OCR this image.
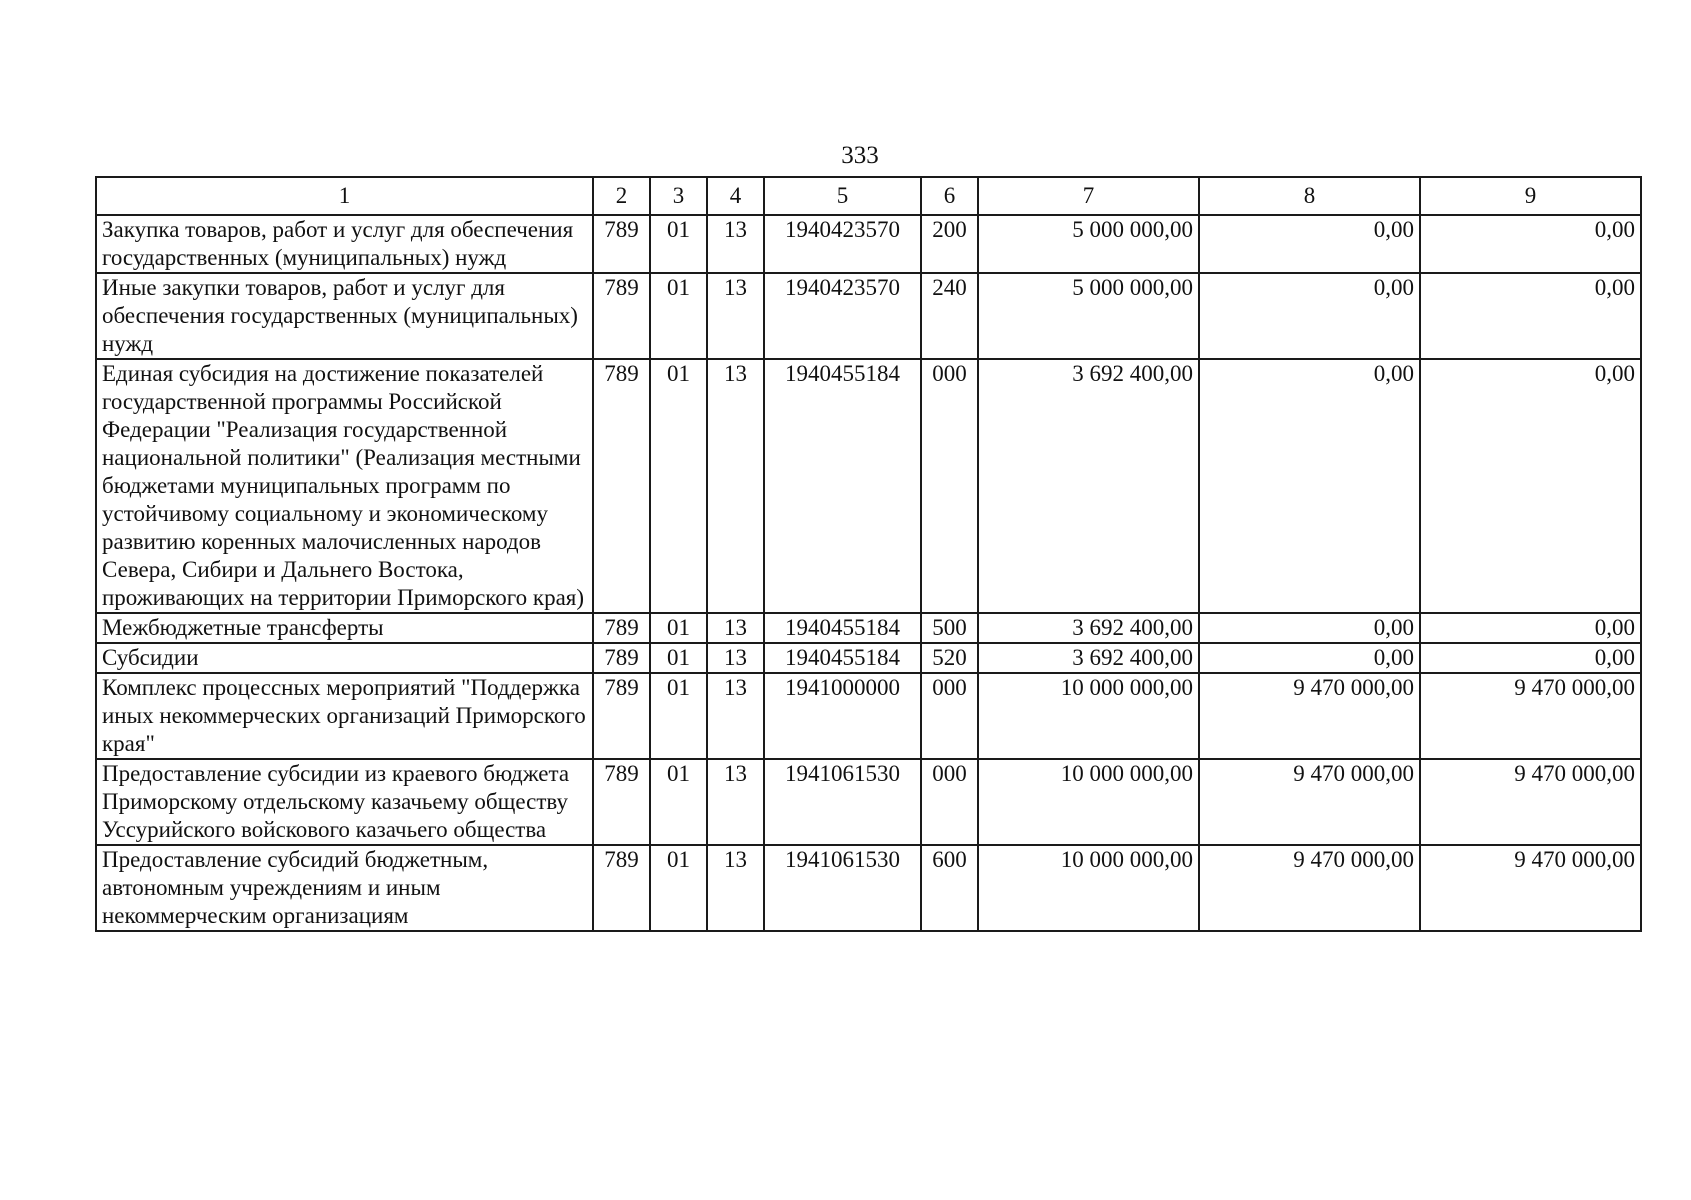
333
1	2	3	4	5	6	7	8	9
Закупка товаров, работ и услуг для обеспечения государственных (муниципальных) нужд	789	01	13	1940423570	200	5 000 000,00	0,00	0,00
Иные закупки товаров, работ и услуг для обеспечения государственных (муниципальных) нужд	789	01	13	1940423570	240	5 000 000,00	0,00	0,00
Единая субсидия на достижение показателей государственной программы Российской Федерации "Реализация государственной национальной политики" (Реализация местными бюджетами муниципальных программ по устойчивому социальному и экономическому развитию коренных малочисленных народов Севера, Сибири и Дальнего Востока, проживающих на территории Приморского края)	789	01	13	1940455184	000	3 692 400,00	0,00	0,00
Межбюджетные трансферты	789	01	13	1940455184	500	3 692 400,00	0,00	0,00
Субсидии	789	01	13	1940455184	520	3 692 400,00	0,00	0,00
Комплекс процессных мероприятий "Поддержка иных некоммерческих организаций Приморского края"	789	01	13	1941000000	000	10 000 000,00	9 470 000,00	9 470 000,00
Предоставление субсидии из краевого бюджета Приморскому отдельскому казачьему обществу Уссурийского войскового казачьего общества	789	01	13	1941061530	000	10 000 000,00	9 470 000,00	9 470 000,00
Предоставление субсидий бюджетным, автономным учреждениям и иным некоммерческим организациям	789	01	13	1941061530	600	10 000 000,00	9 470 000,00	9 470 000,00
